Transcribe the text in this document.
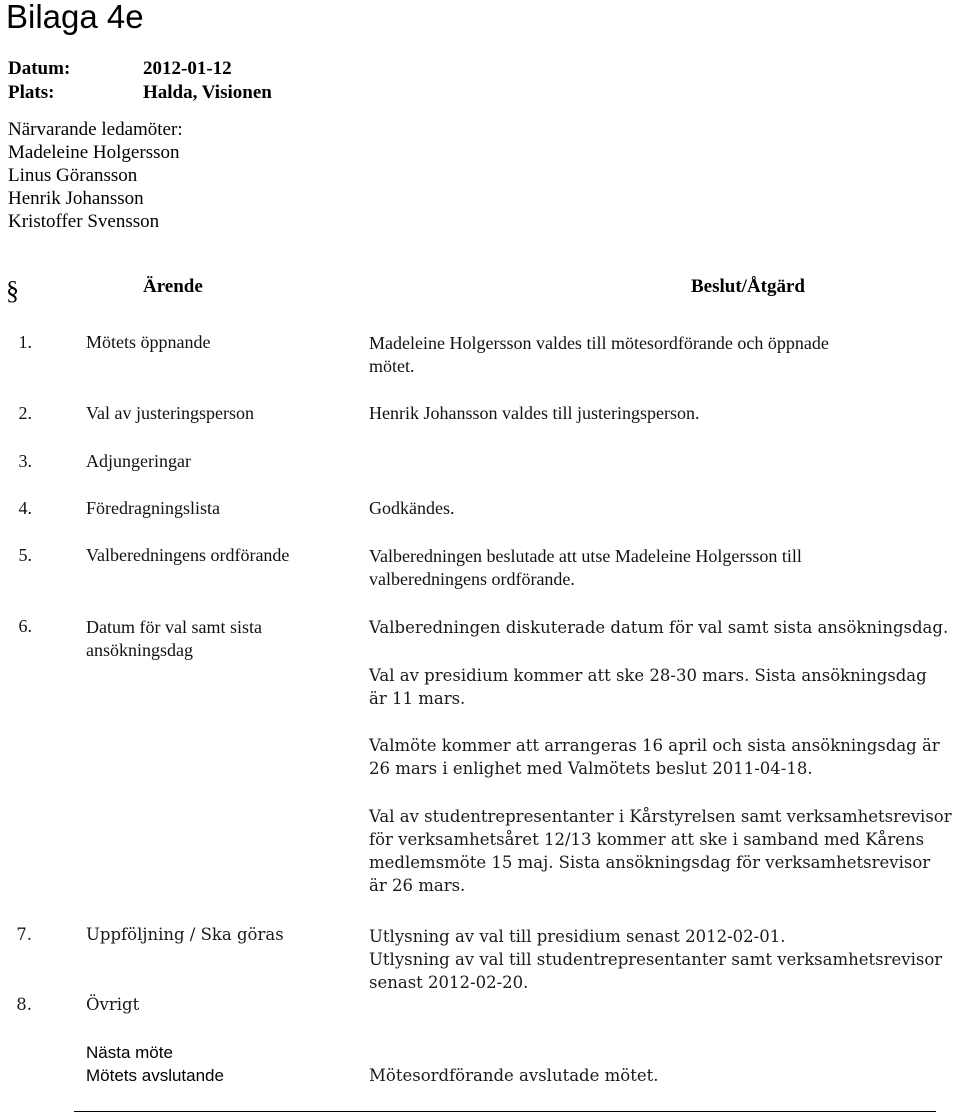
Bilaga 4e
Datum:	2012-01-12
Plats:	Halda, Visionen
Närvarande ledamöter:
Madeleine Holgersson
Linus Göransson
Henrik Johansson
Kristoffer Svensson
§	Ärende	Beslut/Åtgärd
1.	Mötets öppnande	Madeleine Holgersson valdes till mötesordförande och öppnade
mötet.
2.	Val av justeringsperson	Henrik Johansson valdes till justeringsperson.
3.	Adjungeringar
4.	Föredragningslista	Godkändes.
5.	Valberedningens ordförande	Valberedningen beslutade att utse Madeleine Holgersson till
valberedningens ordförande.
6.	Datum för val samt sista
ansökningsdag
Valberedningen diskuterade datum för val samt sista ansökningsdag.
Val av presidium kommer att ske 28-30 mars. Sista ansökningsdag
är 11 mars.
Valmöte kommer att arrangeras 16 april och sista ansökningsdag är
26 mars i enlighet med Valmötets beslut 2011-04-18.
Val av studentrepresentanter i Kårstyrelsen samt verksamhetsrevisor
för verksamhetsåret 12/13 kommer att ske i samband med Kårens
medlemsmöte 15 maj. Sista ansökningsdag för verksamhetsrevisor
är 26 mars.
7.	Uppföljning / Ska göras	Utlysning av val till presidium senast 2012-02-01.
Utlysning av val till studentrepresentanter samt verksamhetsrevisor
senast 2012-02-20.
8.	Övrigt
Nästa möte
Mötets avslutande	Mötesordförande avslutade mötet.
